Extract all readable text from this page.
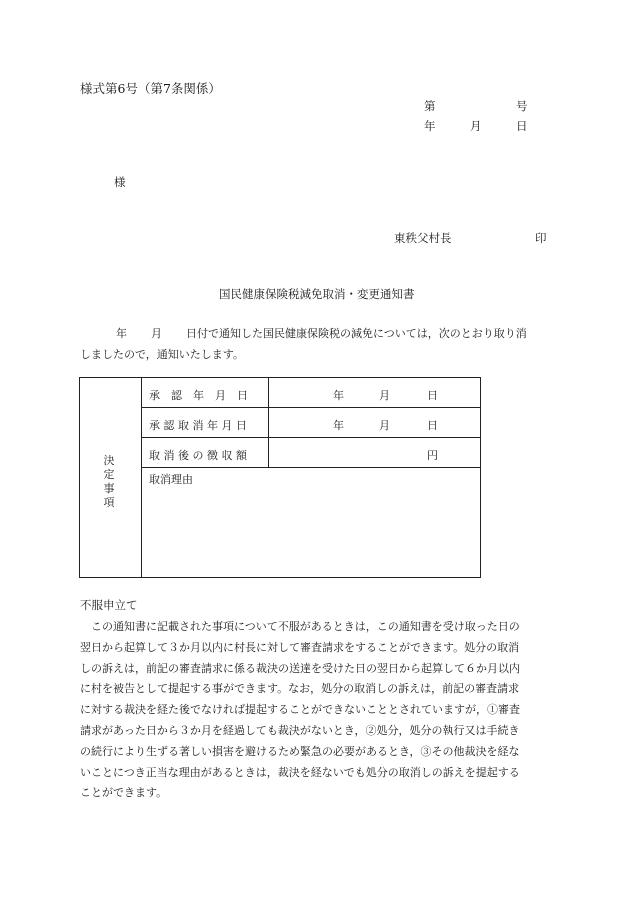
様式第6号（第7条関係）
第	号
年	月	日
様
東秩父村長	印
国民健康保険税減免取消・変更通知書
年 月 日付で通知した国民健康保険税の減免については，次のとおり取り消
しましたので，通知いたします。
決
定
事
項
承　認　年　月　日	年	月	日
承 認 取 消 年 月 日	年	月	日
取 消 後 の 徴 収 額	円
取消理由
不服申立て
　この通知書に記載された事項について不服があるときは，この通知書を受け取った日の
翌日から起算して３か月以内に村長に対して審査請求をすることができます。処分の取消
しの訴えは，前記の審査請求に係る裁決の送達を受けた日の翌日から起算して６か月以内
に村を被告として提起する事ができます。なお，処分の取消しの訴えは，前記の審査請求
に対する裁決を経た後でなければ提起することができないこととされていますが，①審査
請求があった日から３か月を経過しても裁決がないとき，②処分，処分の執行又は手続き
の続行により生ずる著しい損害を避けるため緊急の必要があるとき，③その他裁決を経な
いことにつき正当な理由があるときは，裁決を経ないでも処分の取消しの訴えを提起する
ことができます。
